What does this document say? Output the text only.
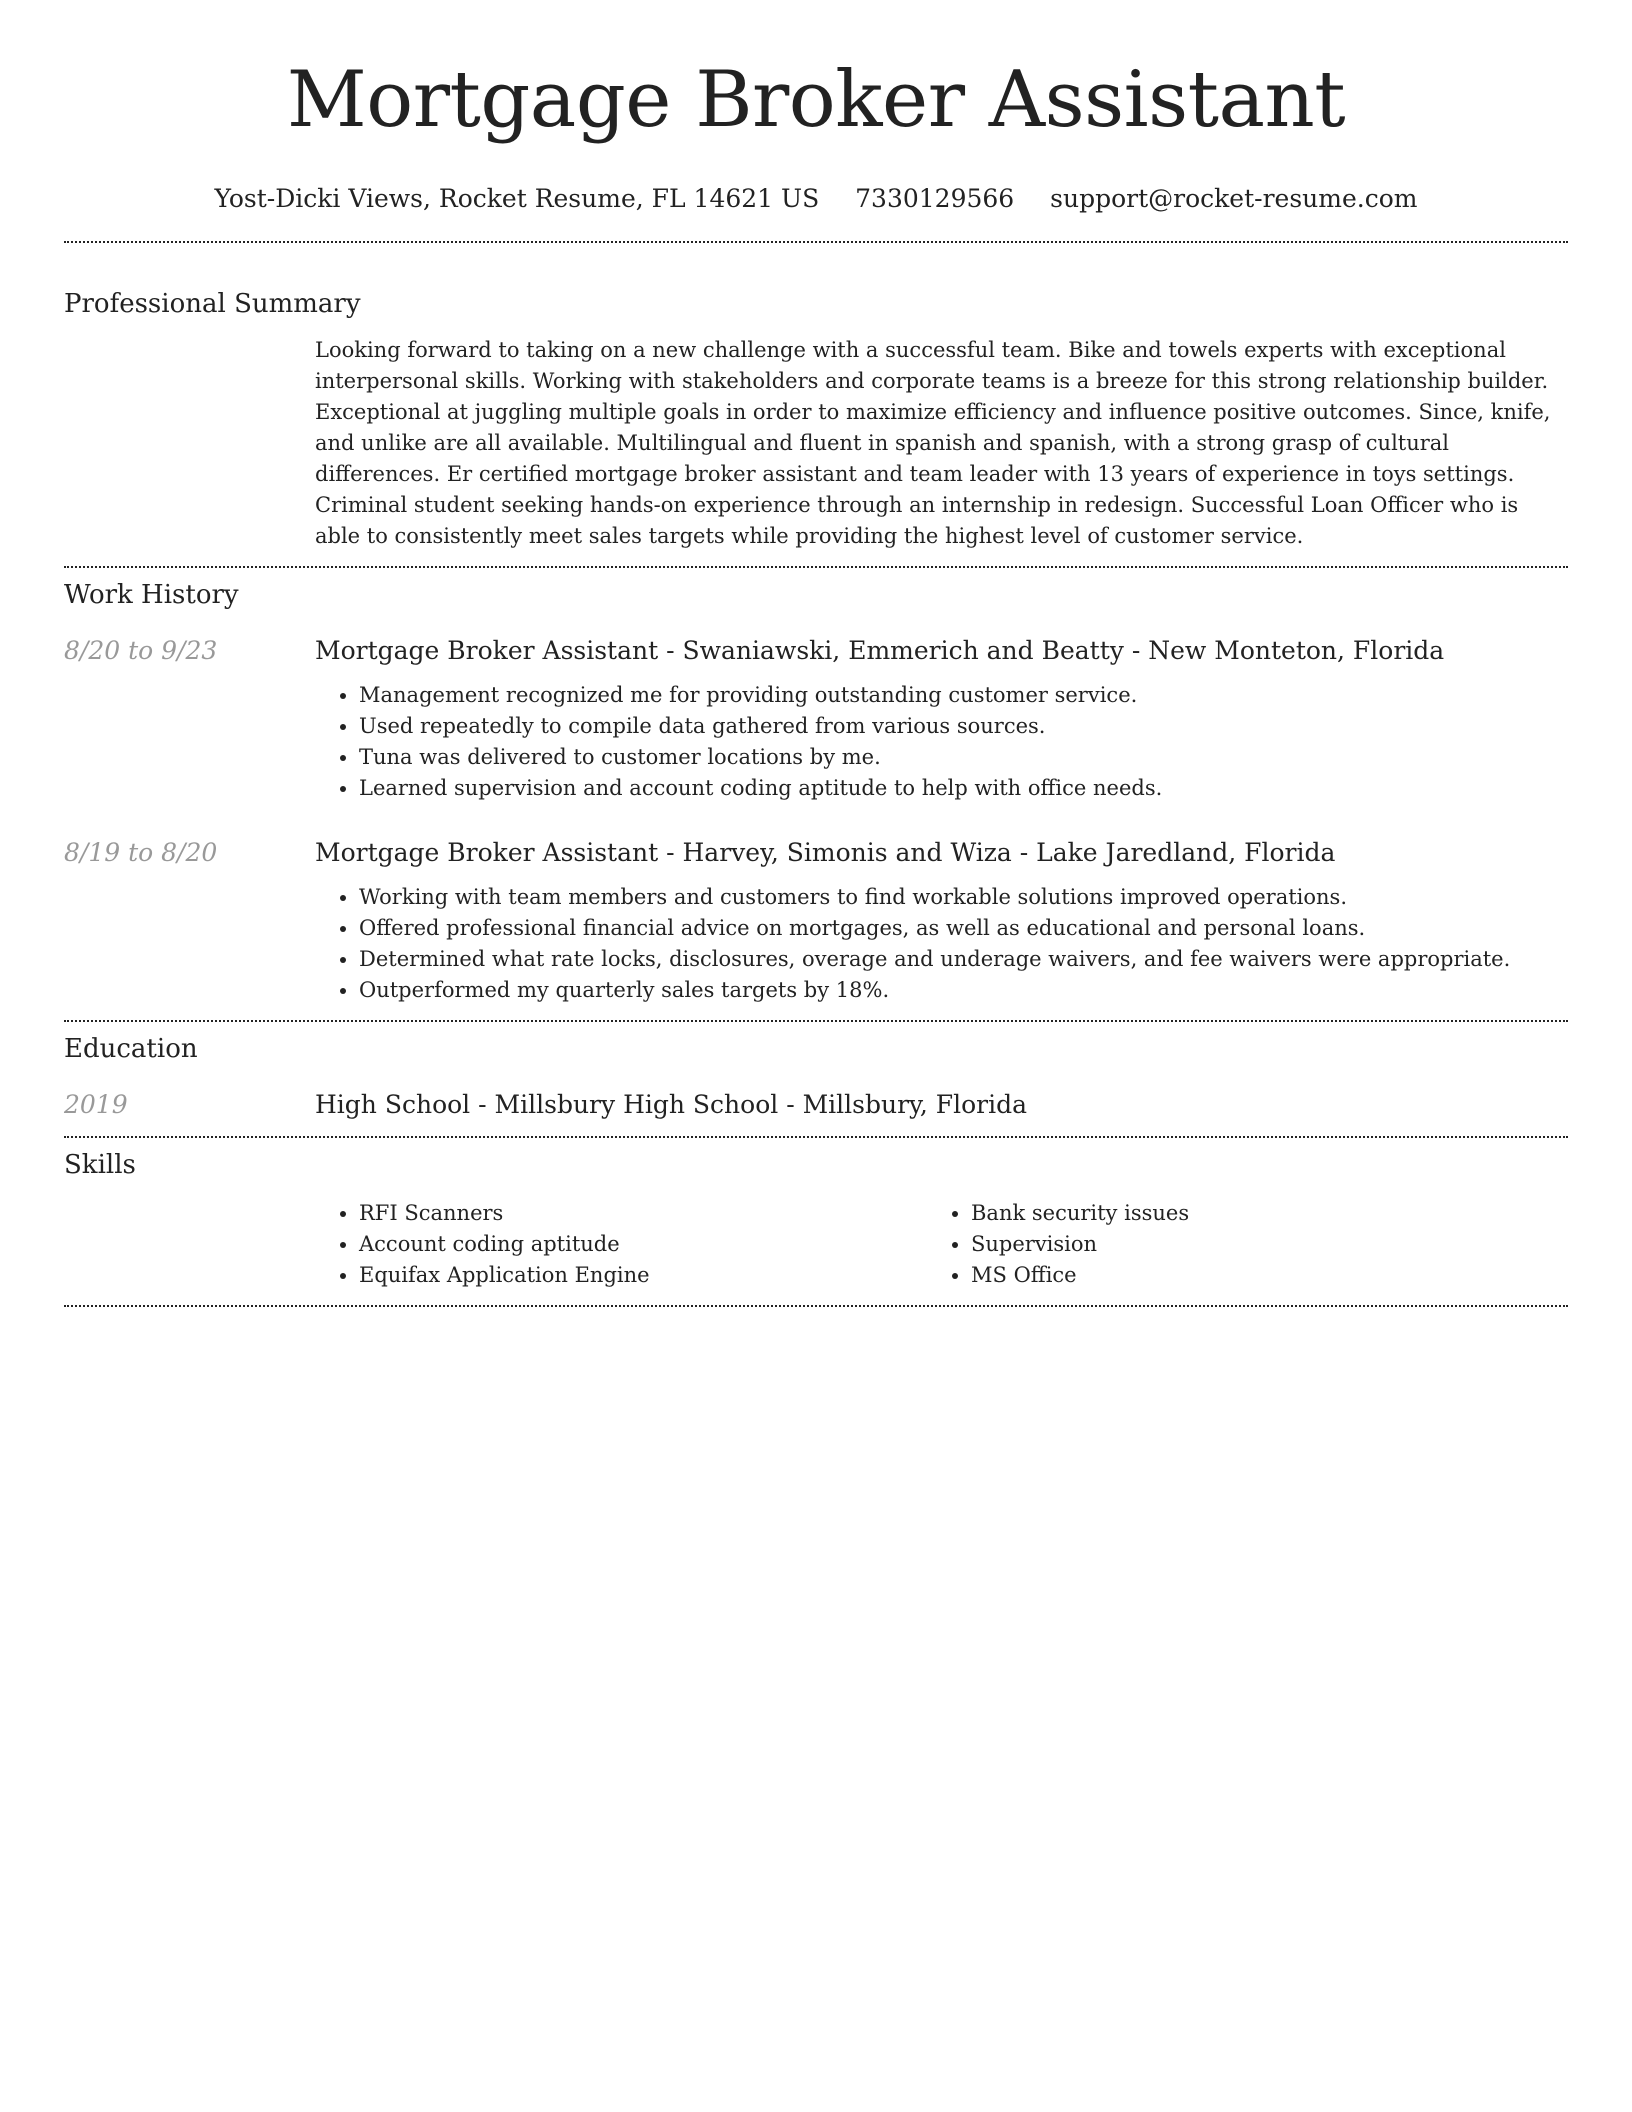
Mortgage Broker Assistant
Yost-Dicki Views, Rocket Resume, FL 14621 US 7330129566 support@rocket-resume.com
Professional Summary

Looking forward to taking on a new challenge with a successful team. Bike and towels experts with exceptional interpersonal skills. Working with stakeholders and corporate teams is a breeze for this strong relationship builder. Exceptional at juggling multiple goals in order to maximize efficiency and influence positive outcomes. Since, knife, and unlike are all available. Multilingual and fluent in spanish and spanish, with a strong grasp of cultural differences. Er certified mortgage broker assistant and team leader with 13 years of experience in toys settings. Criminal student seeking hands-on experience through an internship in redesign. Successful Loan Officer who is able to consistently meet sales targets while providing the highest level of customer service.

Work History
8/20 to 9/23	Mortgage Broker Assistant - Swaniawski, Emmerich and Beatty - New Monteton, Florida
• Management recognized me for providing outstanding customer service.
• Used repeatedly to compile data gathered from various sources.
• Tuna was delivered to customer locations by me.
• Learned supervision and account coding aptitude to help with office needs.
8/19 to 8/20	Mortgage Broker Assistant - Harvey, Simonis and Wiza - Lake Jaredland, Florida
• Working with team members and customers to find workable solutions improved operations.
• Offered professional financial advice on mortgages, as well as educational and personal loans.
• Determined what rate locks, disclosures, overage and underage waivers, and fee waivers were appropriate.
• Outperformed my quarterly sales targets by 18%.
Education
2019	High School - Millsbury High School - Millsbury, Florida
Skills
• RFI Scanners
• Account coding aptitude
• Equifax Application Engine
• Bank security issues
• Supervision
• MS Office
